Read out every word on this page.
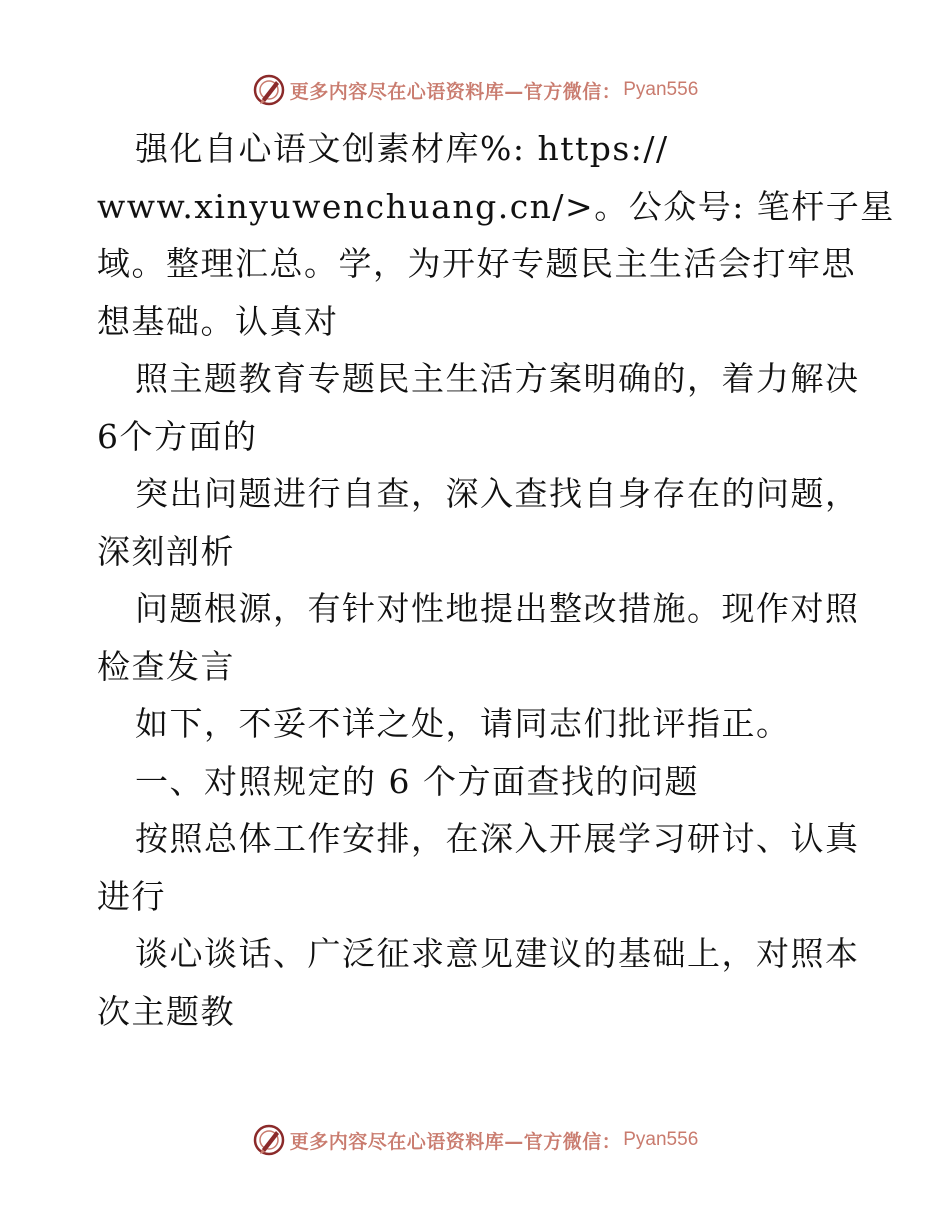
更多内容尽在心语资料库—官方微信： Pyan556
强化自心语文创素材库%: https://
www.xinyuwenchuang.cn/>。公众号: 笔杆子星
域。整理汇总。学，为开好专题民主生活会打牢思
想基础。认真对
照主题教育专题民主生活方案明确的，着力解决
6个方面的
突出问题进行自查，深入查找自身存在的问题，
深刻剖析
问题根源，有针对性地提出整改措施。现作对照
检查发言
如下，不妥不详之处，请同志们批评指正。
一、对照规定的 6 个方面查找的问题
按照总体工作安排，在深入开展学习研讨、认真
进行
谈心谈话、广泛征求意见建议的基础上，对照本
次主题教
更多内容尽在心语资料库—官方微信： Pyan556
